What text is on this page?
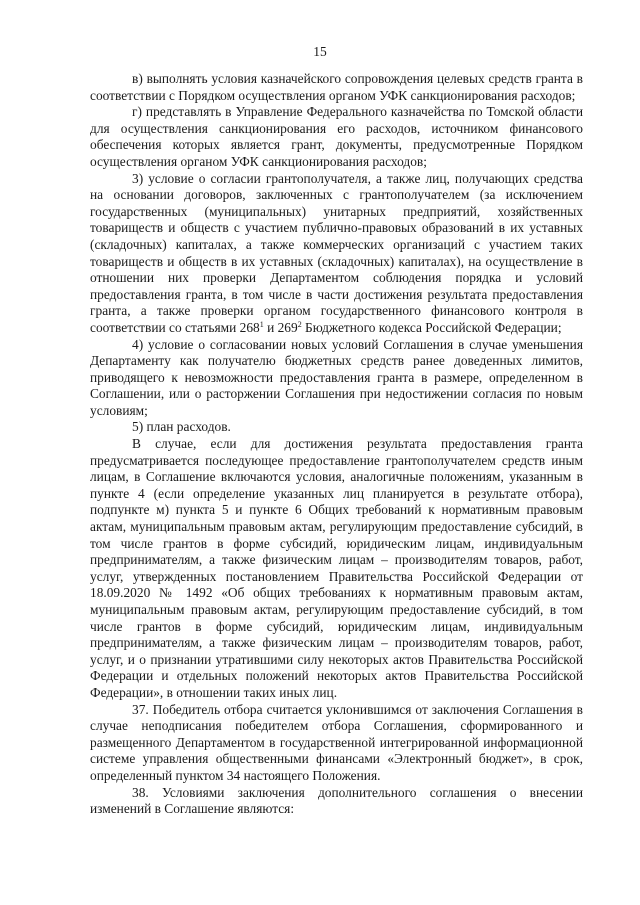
15

в) выполнять условия казначейского сопровождения целевых средств гранта в соответствии с Порядком осуществления органом УФК санкционирования расходов;

г) представлять в Управление Федерального казначейства по Томской области для осуществления санкционирования его расходов, источником финансового обеспечения которых является грант, документы, предусмотренные Порядком осуществления органом УФК санкционирования расходов;

3) условие о согласии грантополучателя, а также лиц, получающих средства на основании договоров, заключенных с грантополучателем (за исключением государственных (муниципальных) унитарных предприятий, хозяйственных товариществ и обществ с участием публично-правовых образований в их уставных (складочных) капиталах, а также коммерческих организаций с участием таких товариществ и обществ в их уставных (складочных) капиталах), на осуществление в отношении них проверки Департаментом соблюдения порядка и условий предоставления гранта, в том числе в части достижения результата предоставления гранта, а также проверки органом государственного финансового контроля в соответствии со статьями $268^1$ и $269^2$ Бюджетного кодекса Российской Федерации;

4) условие о согласовании новых условий Соглашения в случае уменьшения Департаменту как получателю бюджетных средств ранее доведенных лимитов, приводящего к невозможности предоставления гранта в размере, определенном в Соглашении, или о расторжении Соглашения при недостижении согласия по новым условиям;

5) план расходов.

В случае, если для достижения результата предоставления гранта предусматривается последующее предоставление грантополучателем средств иным лицам, в Соглашение включаются условия, аналогичные положениям, указанным в пункте 4 (если определение указанных лиц планируется в результате отбора), подпункте м) пункта 5 и пункте 6 Общих требований к нормативным правовым актам, муниципальным правовым актам, регулирующим предоставление субсидий, в том числе грантов в форме субсидий, юридическим лицам, индивидуальным предпринимателям, а также физическим лицам – производителям товаров, работ, услуг, утвержденных постановлением Правительства Российской Федерации от 18.09.2020 № 1492 «Об общих требованиях к нормативным правовым актам, муниципальным правовым актам, регулирующим предоставление субсидий, в том числе грантов в форме субсидий, юридическим лицам, индивидуальным предпринимателям, а также физическим лицам – производителям товаров, работ, услуг, и о признании утратившими силу некоторых актов Правительства Российской Федерации и отдельных положений некоторых актов Правительства Российской Федерации», в отношении таких иных лиц.

37. Победитель отбора считается уклонившимся от заключения Соглашения в случае неподписания победителем отбора Соглашения, сформированного и размещенного Департаментом в государственной интегрированной информационной системе управления общественными финансами «Электронный бюджет», в срок, определенный пунктом 34 настоящего Положения.

38. Условиями заключения дополнительного соглашения о внесении изменений в Соглашение являются:
